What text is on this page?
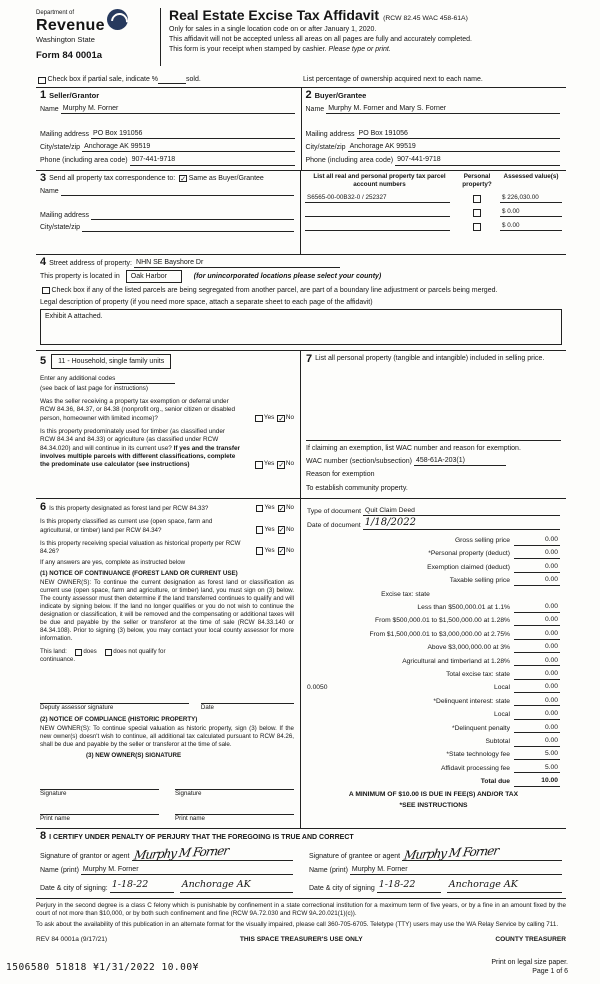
Department of
Revenue
Washington State
Form 84 0001a
Real Estate Excise Tax Affidavit (RCW 82.45 WAC 458-61A)
Only for sales in a single location code on or after January 1, 2020.
This affidavit will not be accepted unless all areas on all pages are fully and accurately completed.
This form is your receipt when stamped by cashier. Please type or print.
Check box if partial sale, indicate %	sold.	List percentage of ownership acquired next to each name.
1 Seller/Grantor
Name Murphy M. Forner
Mailing address PO Box 191056
City/state/zip Anchorage AK 99519
Phone (including area code) 907-441-9718
2 Buyer/Grantee
Name Murphy M. Forner and Mary S. Forner
Mailing address PO Box 191056
City/state/zip Anchorage AK 99519
Phone (including area code) 907-441-9718
3 Send all property tax correspondence to: ✓ Same as Buyer/Grantee
Name
Mailing address
City/state/zip
List all real and personal property tax parcel account numbers
Personal property?
Assessed value(s)
S6565-00-00B32-0 / 252327	$ 226,030.00
$ 0.00
$ 0.00
4 Street address of property: NHN SE Bayshore Dr
This property is located in	Oak Harbor	(for unincorporated locations please select your county)
Check box if any of the listed parcels are being segregated from another parcel, are part of a boundary line adjustment or parcels being merged.
Legal description of property (if you need more space, attach a separate sheet to each page of the affidavit)
Exhibit A attached.
5	11 - Household, single family units
Enter any additional codes
(see back of last page for instructions)
Was the seller receiving a property tax exemption or deferral under RCW 84.36, 84.37, or 84.38 (nonprofit org., senior citizen or disabled person, homeowner with limited income)?	Yes ✓ No
Is this property predominately used for timber (as classified under RCW 84.34 and 84.33) or agriculture (as classified under RCW 84.34.020) and will continue in its current use? If yes and the transfer involves multiple parcels with different classifications, complete the predominate use calculator (see instructions)	Yes ✓ No
7 List all personal property (tangible and intangible) included in selling price.
If claiming an exemption, list WAC number and reason for exemption.
WAC number (section/subsection) 458-61A-203(1)
Reason for exemption
To establish community property.
6 Is this property designated as forest land per RCW 84.33?	Yes ✓ No
Is this property classified as current use (open space, farm and agricultural, or timber) land per RCW 84.34?	Yes ✓ No
Is this property receiving special valuation as historical property per RCW 84.26?	Yes ✓ No
If any answers are yes, complete as instructed below
(1) NOTICE OF CONTINUANCE (FOREST LAND OR CURRENT USE)
NEW OWNER(S): To continue the current designation as forest land or classification as current use (open space, farm and agriculture, or timber) land, you must sign on (3) below. The county assessor must then determine if the land transferred continues to qualify and will indicate by signing below. If the land no longer qualifies or you do not wish to continue the designation or classification, it will be removed and the compensating or additional taxes will be due and payable by the seller or transferor at the time of sale (RCW 84.33.140 or 84.34.108). Prior to signing (3) below, you may contact your local county assessor for more information.
This land:	does	does not qualify for
continuance.
Deputy assessor signature	Date
(2) NOTICE OF COMPLIANCE (HISTORIC PROPERTY)
NEW OWNER(S): To continue special valuation as historic property, sign (3) below. If the new owner(s) doesn't wish to continue, all additional tax calculated pursuant to RCW 84.26, shall be due and payable by the seller or transferor at the time of sale.
(3) NEW OWNER(S) SIGNATURE
Signature	Signature
Print name	Print name
Type of document Quit Claim Deed
Date of document 1/18/2022
Gross selling price	0.00
*Personal property (deduct)	0.00
Exemption claimed (deduct)	0.00
Taxable selling price	0.00
Excise tax: state
Less than $500,000.01 at 1.1%	0.00
From $500,000.01 to $1,500,000.00 at 1.28%	0.00
From $1,500,000.01 to $3,000,000.00 at 2.75%	0.00
Above $3,000,000.00 at 3%	0.00
Agricultural and timberland at 1.28%	0.00
Total excise tax: state	0.00
0.0050	Local	0.00
*Delinquent interest: state	0.00
Local	0.00
*Delinquent penalty	0.00
Subtotal	0.00
*State technology fee	5.00
Affidavit processing fee	5.00
Total due	10.00
A MINIMUM OF $10.00 IS DUE IN FEE(S) AND/OR TAX
*SEE INSTRUCTIONS
8 I CERTIFY UNDER PENALTY OF PERJURY THAT THE FOREGOING IS TRUE AND CORRECT
Signature of grantor or agent Murphy M Forner
Name (print) Murphy M. Forner
Date & city of signing: 1-18-22	Anchorage AK
Signature of grantee or agent Murphy M Forner
Name (print) Murphy M. Forner
Date & city of signing 1-18-22	Anchorage AK
Perjury in the second degree is a class C felony which is punishable by confinement in a state correctional institution for a maximum term of five years, or by a fine in an amount fixed by the court of not more than $10,000, or by both such confinement and fine (RCW 9A.72.030 and RCW 9A.20.021(1)(c)).
To ask about the availability of this publication in an alternate format for the visually impaired, please call 360-705-6705. Teletype (TTY) users may use the WA Relay Service by calling 711.
REV 84 0001a (9/17/21)	THIS SPACE TREASURER'S USE ONLY	COUNTY TREASURER
1506580 51818 ¥1/31/2022 10.00¥	Print on legal size paper.
Page 1 of 6
